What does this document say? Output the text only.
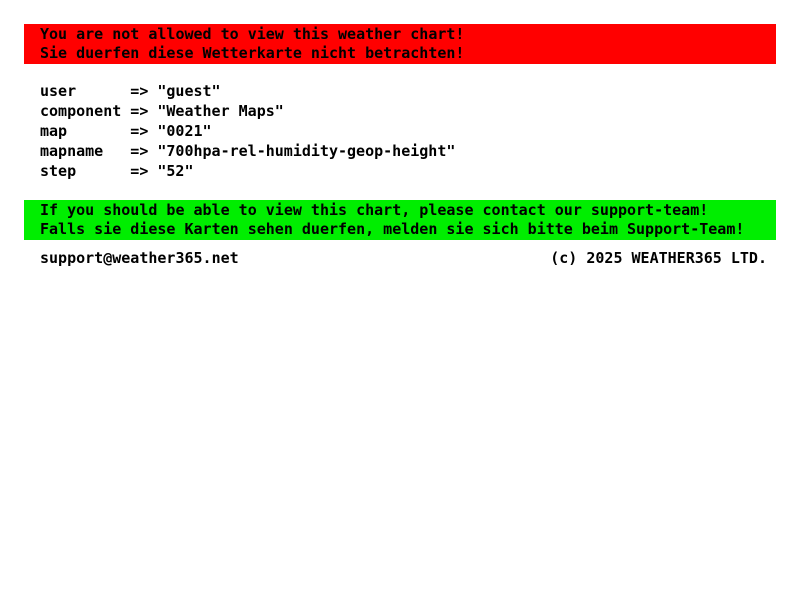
You are not allowed to view this weather chart!
Sie duerfen diese Wetterkarte nicht betrachten!
user	=> "guest"
component => "Weather Maps"
map	=> "0021"
mapname	=> "700hpa-rel-humidity-geop-height"
step	=> "52"
If you should be able to view this chart, please contact our support-team!
Falls sie diese Karten sehen duerfen, melden sie sich bitte beim Support-Team!
support@weather365.net	(c) 2025 WEATHER365 LTD.
